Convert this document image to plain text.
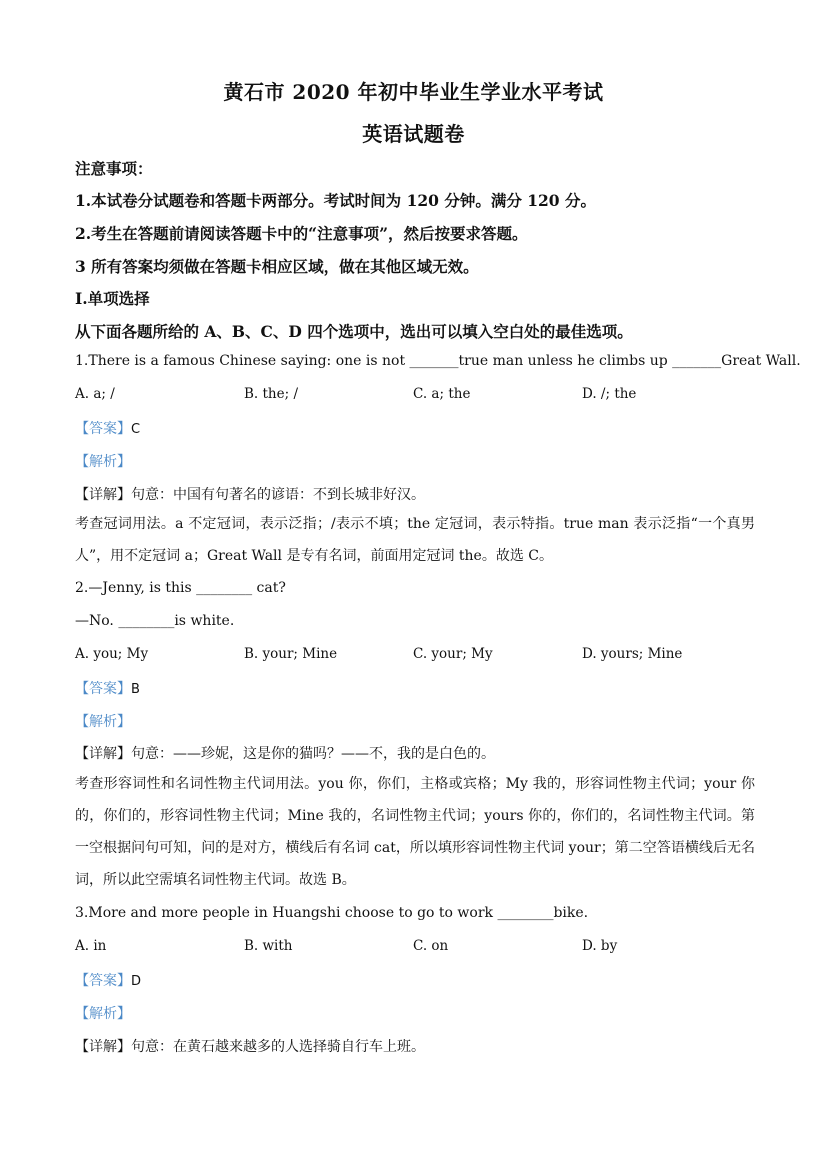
黄石市 2020 年初中毕业生学业水平考试
英语试题卷
注意事项：
1.本试卷分试题卷和答题卡两部分。考试时间为 120 分钟。满分 120 分。
2.考生在答题前请阅读答题卡中的“注意事项”，然后按要求答题。
3 所有答案均须做在答题卡相应区域，做在其他区域无效。
I.单项选择
从下面各题所给的 A、B、C、D 四个选项中，选出可以填入空白处的最佳选项。
1.There is a famous Chinese saying: one is not _______true man unless he climbs up _______Great Wall.
A. a; /	B. the; /	C. a; the	D. /; the
【答案】C
【解析】
【详解】句意：中国有句著名的谚语：不到长城非好汉。
考查冠词用法。a 不定冠词，表示泛指；/表示不填；the 定冠词，表示特指。true man 表示泛指“一个真男人”，用不定冠词 a；Great Wall 是专有名词，前面用定冠词 the。故选 C。
2.—Jenny, is this ________ cat?
—No. ________is white.
A. you; My	B. your; Mine	C. your; My	D. yours; Mine
【答案】B
【解析】
【详解】句意：——珍妮，这是你的猫吗？——不，我的是白色的。
考查形容词性和名词性物主代词用法。you 你，你们，主格或宾格；My 我的，形容词性物主代词；your 你的，你们的，形容词性物主代词；Mine 我的，名词性物主代词；yours 你的，你们的，名词性物主代词。第一空根据问句可知，问的是对方，横线后有名词 cat，所以填形容词性物主代词 your；第二空答语横线后无名词，所以此空需填名词性物主代词。故选 B。
3.More and more people in Huangshi choose to go to work ________bike.
A. in	B. with	C. on	D. by
【答案】D
【解析】
【详解】句意：在黄石越来越多的人选择骑自行车上班。
